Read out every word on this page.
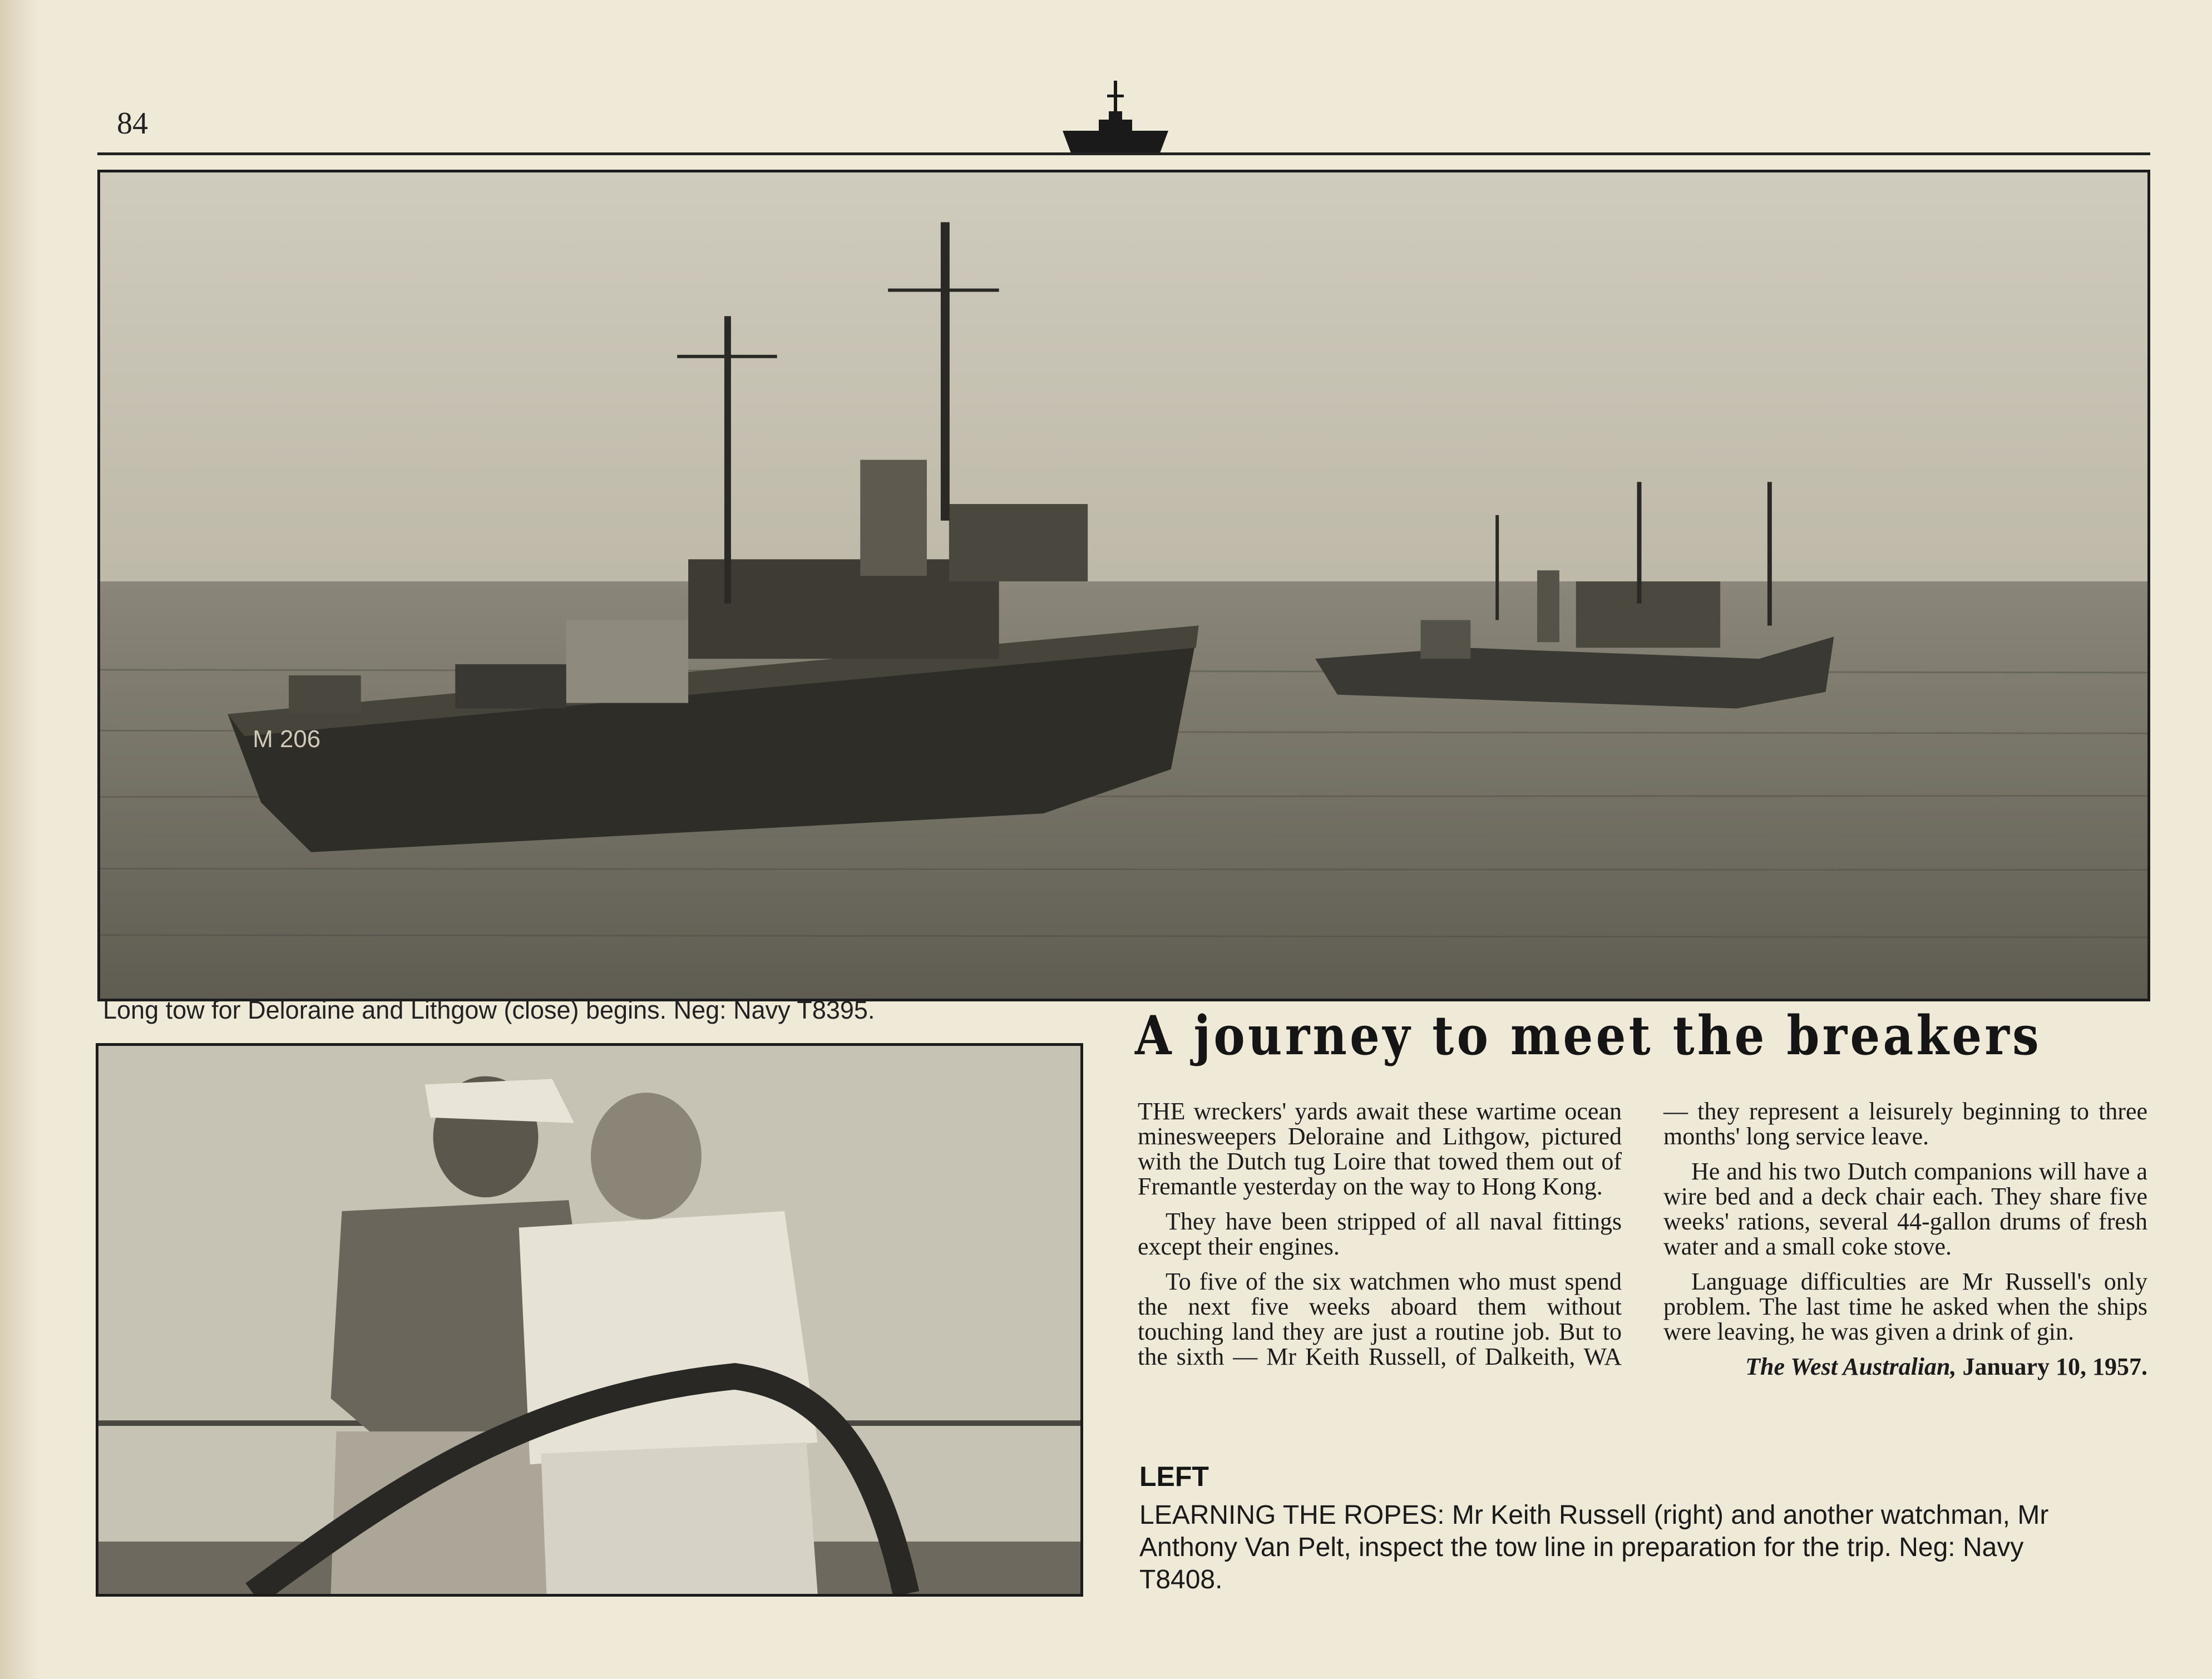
84
M 206
Long tow for Deloraine and Lithgow (close) begins. Neg: Navy T8395.	A journey to meet the breakers

THE wreckers' yards await these wartime ocean minesweepers Deloraine and Lithgow, pictured with the Dutch tug Loire that towed them out of Fremantle yesterday on the way to Hong Kong.

They have been stripped of all naval fittings except their engines.

To five of the six watchmen who must spend the next five weeks aboard them without touching land they are just a routine job. But to the sixth — Mr Keith Russell, of Dalkeith, WA — they represent a leisurely beginning to three months' long service leave.

He and his two Dutch companions will have a wire bed and a deck chair each. They share five weeks' rations, several 44-gallon drums of fresh water and a small coke stove.

Language difficulties are Mr Russell's only problem. The last time he asked when the ships were leaving, he was given a drink of gin.

The West Australian, January 10, 1957.

LEFT
LEARNING THE ROPES: Mr Keith Russell (right) and another watchman, Mr Anthony Van Pelt, inspect the tow line in preparation for the trip. Neg: Navy T8408.
